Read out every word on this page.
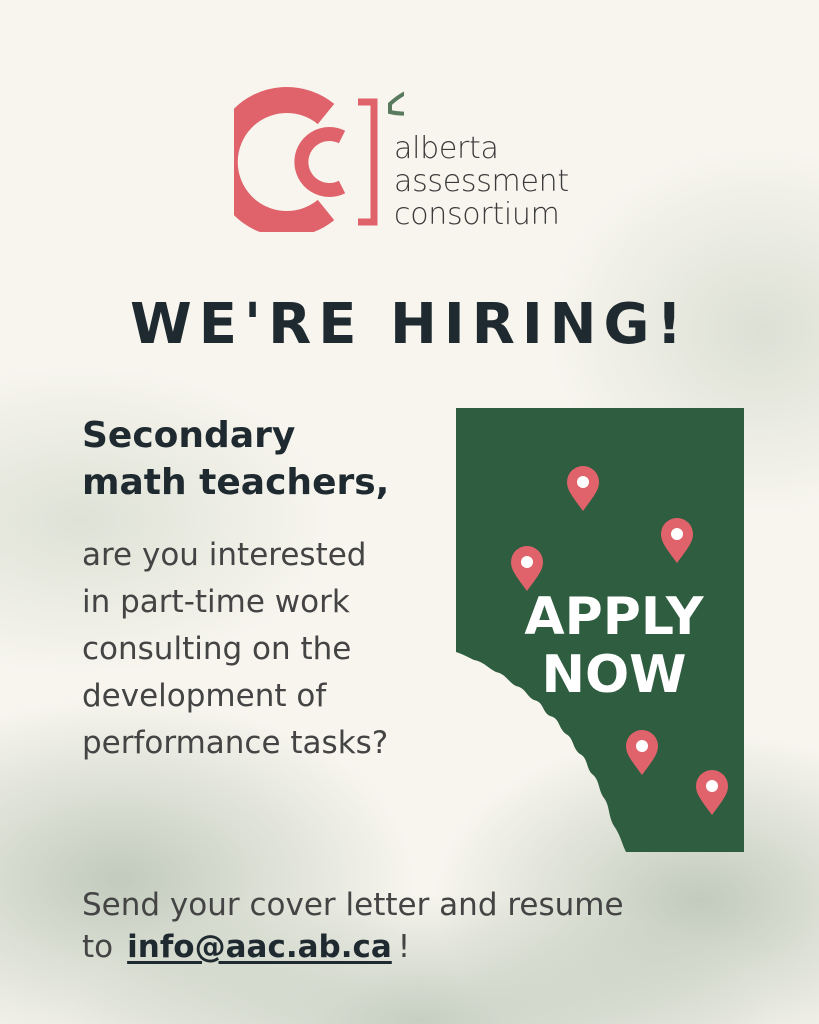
alberta
assessment
consortium
WE'RE HIRING!
Secondary
math teachers,
are you interested
in part-time work
consulting on the
development of
performance tasks?
APPLY
NOW
Send your cover letter and resume
to info@aac.ab.ca !
